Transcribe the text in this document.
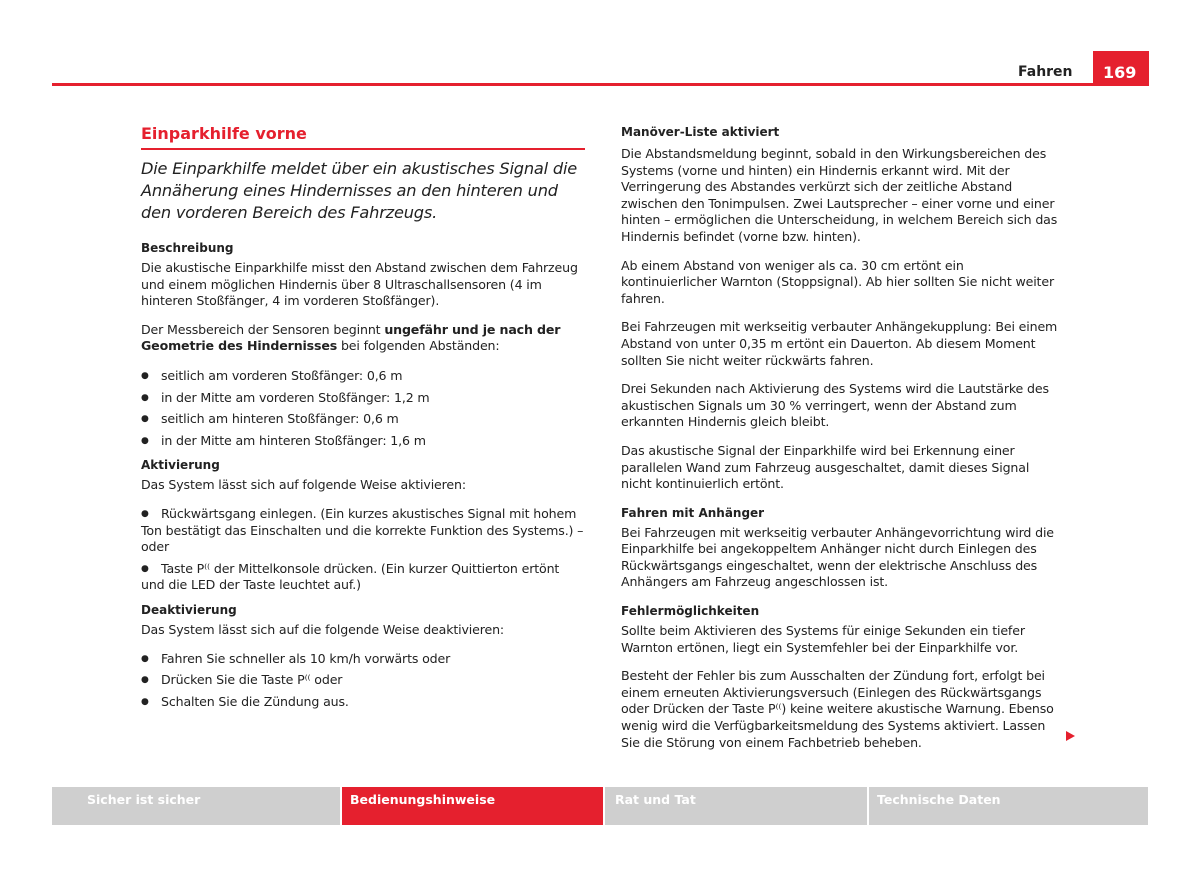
Fahren	169
Einparkhilfe vorne

Die Einparkhilfe meldet über ein akustisches Signal die Annäherung eines Hindernisses an den hinteren und den vorderen Bereich des Fahrzeugs.

Beschreibung

Die akustische Einparkhilfe misst den Abstand zwischen dem Fahrzeug und einem möglichen Hindernis über 8 Ultraschallsensoren (4 im hinteren Stoßfänger, 4 im vorderen Stoßfänger).

Der Messbereich der Sensoren beginnt ungefähr und je nach der Geometrie des Hindernisses bei folgenden Abständen:

● seitlich am vorderen Stoßfänger: 0,6 m
● in der Mitte am vorderen Stoßfänger: 1,2 m
● seitlich am hinteren Stoßfänger: 0,6 m
● in der Mitte am hinteren Stoßfänger: 1,6 m
Aktivierung

Das System lässt sich auf folgende Weise aktivieren:

● Rückwärtsgang einlegen. (Ein kurzes akustisches Signal mit hohem Ton bestätigt das Einschalten und die korrekte Funktion des Systems.) – oder
● Taste P⁽⁽ der Mittelkonsole drücken. (Ein kurzer Quittierton ertönt und die LED der Taste leuchtet auf.)
Deaktivierung

Das System lässt sich auf die folgende Weise deaktivieren:

● Fahren Sie schneller als 10 km/h vorwärts oder
● Drücken Sie die Taste P⁽⁽ oder
● Schalten Sie die Zündung aus.
Manöver-Liste aktiviert

Die Abstandsmeldung beginnt, sobald in den Wirkungsbereichen des Systems (vorne und hinten) ein Hindernis erkannt wird. Mit der Verringerung des Abstandes verkürzt sich der zeitliche Abstand zwischen den Tonimpulsen. Zwei Lautsprecher – einer vorne und einer hinten – ermöglichen die Unterscheidung, in welchem Bereich sich das Hindernis befindet (vorne bzw. hinten).

Ab einem Abstand von weniger als ca. 30 cm ertönt ein kontinuierlicher Warnton (Stoppsignal). Ab hier sollten Sie nicht weiter fahren.

Bei Fahrzeugen mit werkseitig verbauter Anhängekupplung: Bei einem Abstand von unter 0,35 m ertönt ein Dauerton. Ab diesem Moment sollten Sie nicht weiter rückwärts fahren.

Drei Sekunden nach Aktivierung des Systems wird die Lautstärke des akustischen Signals um 30 % verringert, wenn der Abstand zum erkannten Hindernis gleich bleibt.

Das akustische Signal der Einparkhilfe wird bei Erkennung einer parallelen Wand zum Fahrzeug ausgeschaltet, damit dieses Signal nicht kontinuierlich ertönt.

Fahren mit Anhänger

Bei Fahrzeugen mit werkseitig verbauter Anhängevorrichtung wird die Einparkhilfe bei angekoppeltem Anhänger nicht durch Einlegen des Rückwärtsgangs eingeschaltet, wenn der elektrische Anschluss des Anhängers am Fahrzeug angeschlossen ist.

Fehlermöglichkeiten

Sollte beim Aktivieren des Systems für einige Sekunden ein tiefer Warnton ertönen, liegt ein Systemfehler bei der Einparkhilfe vor.

Besteht der Fehler bis zum Ausschalten der Zündung fort, erfolgt bei einem erneuten Aktivierungsversuch (Einlegen des Rückwärtsgangs oder Drücken der Taste P⁽⁽) keine weitere akustische Warnung. Ebenso wenig wird die Verfügbarkeitsmeldung des Systems aktiviert. Lassen Sie die Störung von einem Fachbetrieb beheben.

Sicher ist sicher	Bedienungshinweise	Rat und Tat	Technische Daten
